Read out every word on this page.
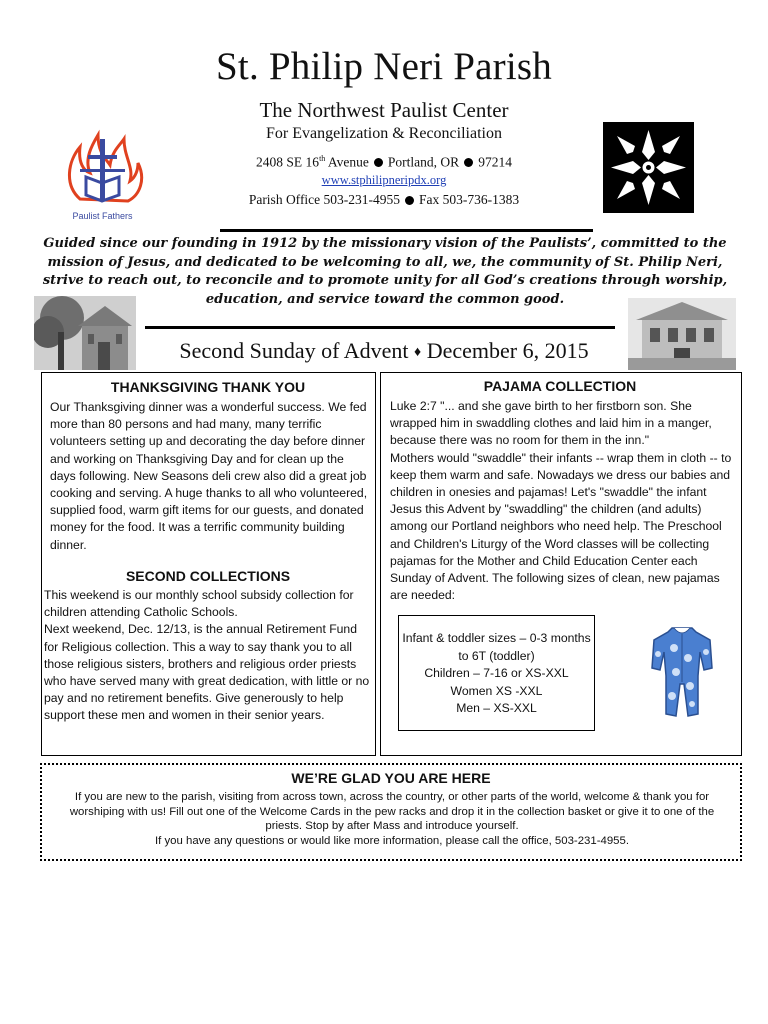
St. Philip Neri Parish
The Northwest Paulist Center
For Evangelization & Reconciliation
2408 SE 16th Avenue Portland, OR 97214
www.stphilipneripdx.org
Parish Office 503-231-4955 Fax 503-736-1383
Paulist Fathers
Guided since our founding in 1912 by the missionary vision of the Paulists’, committed to the mission of Jesus, and dedicated to be welcoming to all, we, the community of St. Philip Neri, strive to reach out, to reconcile and to promote unity for all God’s creations through worship, education, and service toward the common good.
Second Sunday of Advent ♦ December 6, 2015
THANKSGIVING THANK YOU
Our Thanksgiving dinner was a wonderful success. We fed more than 80 persons and had many, many terrific volunteers setting up and decorating the day before dinner and working on Thanksgiving Day and for clean up the days following. New Seasons deli crew also did a great job cooking and serving. A huge thanks to all who volunteered, supplied food, warm gift items for our guests, and donated money for the food. It was a terrific community building dinner.
SECOND COLLECTIONS
This weekend is our monthly school subsidy collection for children attending Catholic Schools.
Next weekend, Dec. 12/13, is the annual Retirement Fund for Religious collection. This a way to say thank you to all those religious sisters, brothers and religious order priests who have served many with great dedication, with little or no pay and no retirement benefits. Give generously to help support these men and women in their senior years.
PAJAMA COLLECTION
Luke 2:7 "... and she gave birth to her firstborn son. She wrapped him in swaddling clothes and laid him in a manger, because there was no room for them in the inn."
Mothers would "swaddle" their infants -- wrap them in cloth -- to keep them warm and safe. Nowadays we dress our babies and children in onesies and pajamas! Let's "swaddle" the infant Jesus this Advent by "swaddling" the children (and adults) among our Portland neighbors who need help. The Preschool and Children's Liturgy of the Word classes will be collecting pajamas for the Mother and Child Education Center each Sunday of Advent. The following sizes of clean, new pajamas are needed:
Infant & toddler sizes – 0-3 months to 6T (toddler)
Children – 7-16 or XS-XXL
Women XS -XXL
Men – XS-XXL
WE’RE GLAD YOU ARE HERE
If you are new to the parish, visiting from across town, across the country, or other parts of the world, welcome & thank you for worshiping with us! Fill out one of the Welcome Cards in the pew racks and drop it in the collection basket or give it to one of the priests. Stop by after Mass and introduce yourself.
If you have any questions or would like more information, please call the office, 503-231-4955.
